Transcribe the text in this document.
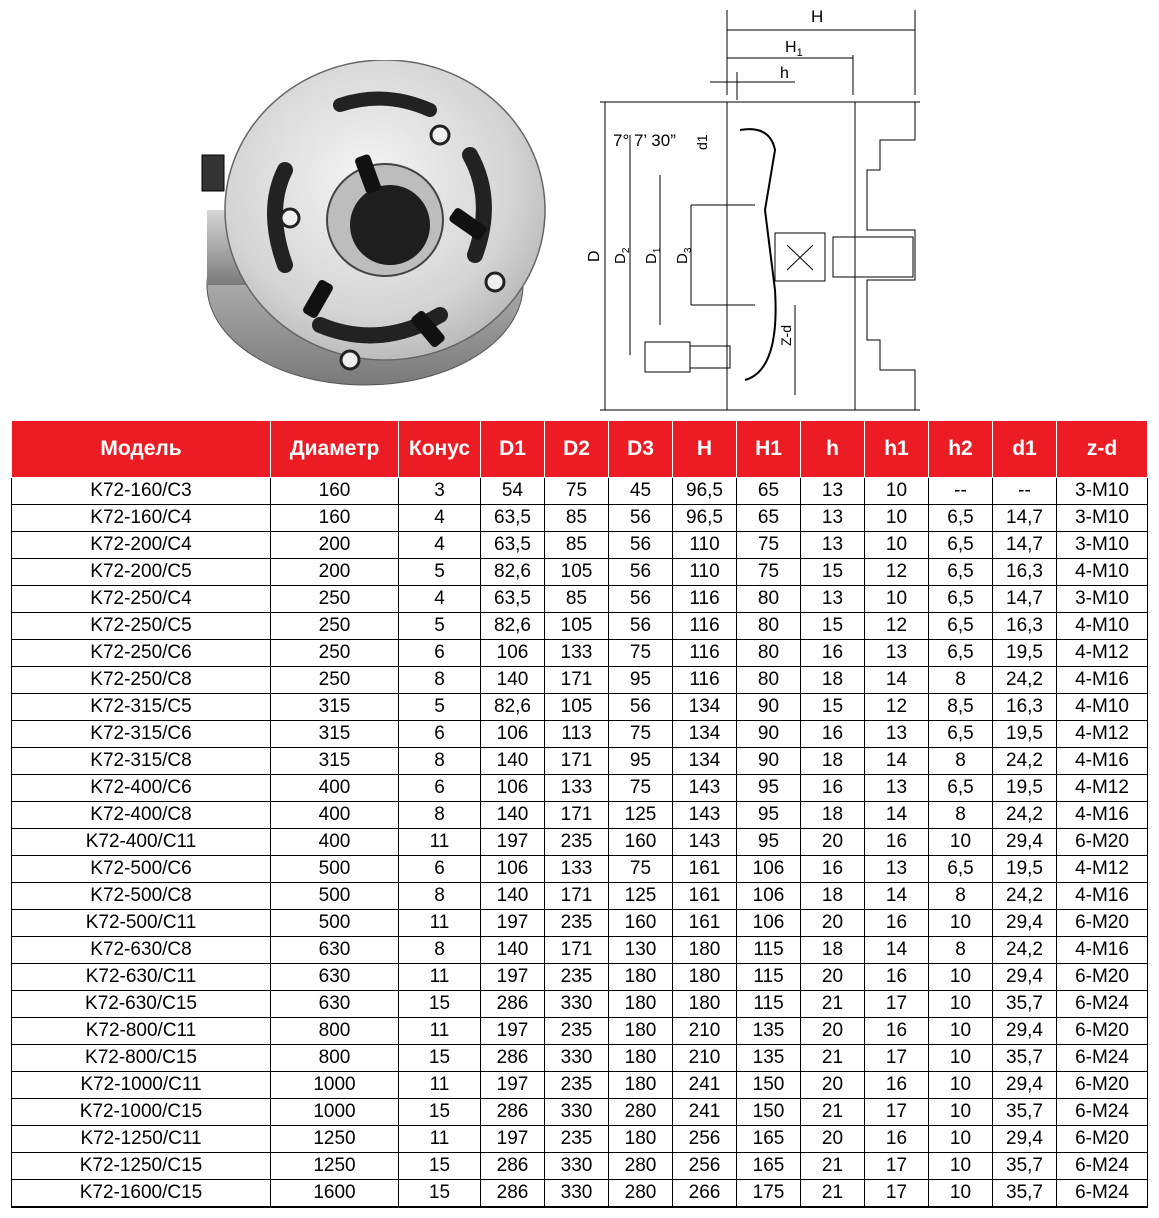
H
$H_1$
h
7° 7’ 30” d1
D $D_2$
$D_1$
$D_3$
Z-d
Модель	Диаметр	Конус	D1	D2	D3	H	H1	h	h1	h2	d1	z-d
K72-160/C3	160	3	54	75	45	96,5	65	13	10	--	--	3-M10
K72-160/C4	160	4	63,5	85	56	96,5	65	13	10	6,5	14,7	3-M10
K72-200/C4	200	4	63,5	85	56	110	75	13	10	6,5	14,7	3-M10
K72-200/C5	200	5	82,6	105	56	110	75	15	12	6,5	16,3	4-M10
K72-250/C4	250	4	63,5	85	56	116	80	13	10	6,5	14,7	3-M10
K72-250/C5	250	5	82,6	105	56	116	80	15	12	6,5	16,3	4-M10
K72-250/C6	250	6	106	133	75	116	80	16	13	6,5	19,5	4-M12
K72-250/C8	250	8	140	171	95	116	80	18	14	8	24,2	4-M16
K72-315/C5	315	5	82,6	105	56	134	90	15	12	8,5	16,3	4-M10
K72-315/C6	315	6	106	113	75	134	90	16	13	6,5	19,5	4-M12
K72-315/C8	315	8	140	171	95	134	90	18	14	8	24,2	4-M16
K72-400/C6	400	6	106	133	75	143	95	16	13	6,5	19,5	4-M12
K72-400/C8	400	8	140	171	125	143	95	18	14	8	24,2	4-M16
K72-400/C11	400	11	197	235	160	143	95	20	16	10	29,4	6-M20
K72-500/C6	500	6	106	133	75	161	106	16	13	6,5	19,5	4-M12
K72-500/C8	500	8	140	171	125	161	106	18	14	8	24,2	4-M16
K72-500/C11	500	11	197	235	160	161	106	20	16	10	29,4	6-M20
K72-630/C8	630	8	140	171	130	180	115	18	14	8	24,2	4-M16
K72-630/C11	630	11	197	235	180	180	115	20	16	10	29,4	6-M20
K72-630/C15	630	15	286	330	180	180	115	21	17	10	35,7	6-M24
K72-800/C11	800	11	197	235	180	210	135	20	16	10	29,4	6-M20
K72-800/C15	800	15	286	330	180	210	135	21	17	10	35,7	6-M24
K72-1000/C11	1000	11	197	235	180	241	150	20	16	10	29,4	6-M20
K72-1000/C15	1000	15	286	330	280	241	150	21	17	10	35,7	6-M24
K72-1250/C11	1250	11	197	235	180	256	165	20	16	10	29,4	6-M20
K72-1250/C15	1250	15	286	330	280	256	165	21	17	10	35,7	6-M24
K72-1600/C15	1600	15	286	330	280	266	175	21	17	10	35,7	6-M24
